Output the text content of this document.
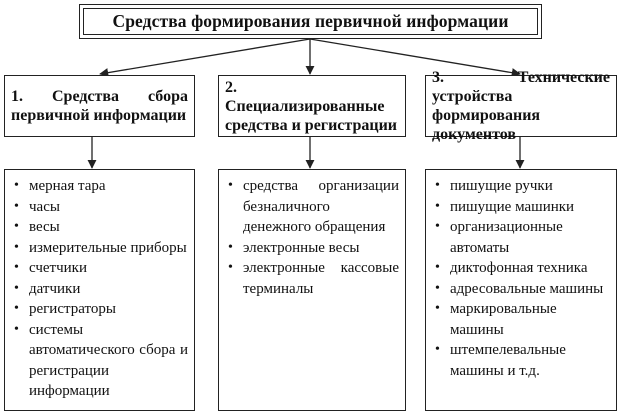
Средства формирования первичной информации
1. Средства сбора первичной информации
2. Специализированные средства и регистрации
3. Технические устройства формирования документов
• мерная тара
• часы
• весы
• измерительные приборы
• счетчики
• датчики
• регистраторы
• системы автоматического сбора и регистрации информации
• средства организации безналичного денежного обращения
• электронные весы
• электронные кассовые терминалы
• пишущие ручки
• пишущие машинки
• организационные автоматы
• диктофонная техника
• адресовальные машины
• маркировальные машины
• штемпелевальные машины и т.д.
